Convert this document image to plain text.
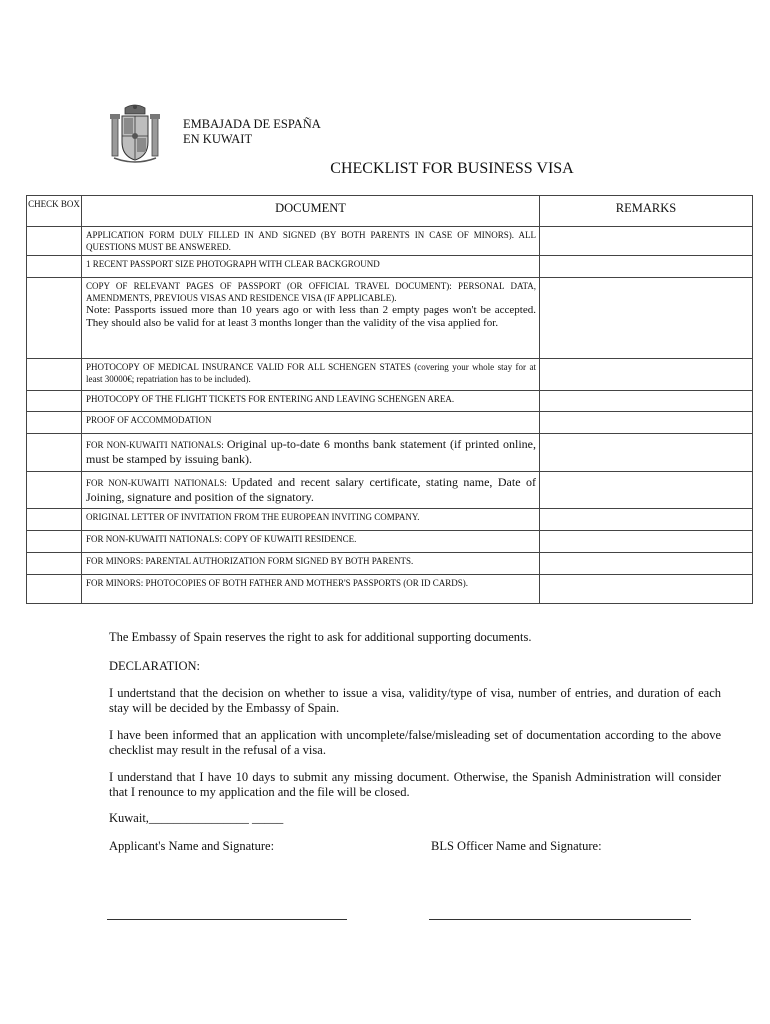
EMBAJADA DE ESPAÑA
EN KUWAIT
CHECKLIST FOR BUSINESS VISA
CHECK BOX	DOCUMENT	REMARKS
	APPLICATION FORM DULY FILLED IN AND SIGNED (BY BOTH PARENTS IN CASE OF MINORS). ALL QUESTIONS MUST BE ANSWERED.	
	1 RECENT PASSPORT SIZE PHOTOGRAPH WITH CLEAR BACKGROUND	
	COPY OF RELEVANT PAGES OF PASSPORT (OR OFFICIAL TRAVEL DOCUMENT): PERSONAL DATA, AMENDMENTS, PREVIOUS VISAS AND RESIDENCE VISA (IF APPLICABLE).
Note: Passports issued more than 10 years ago or with less than 2 empty pages won't be accepted. They should also be valid for at least 3 months longer than the validity of the visa applied for.	

	PHOTOCOPY OF MEDICAL INSURANCE VALID FOR ALL SCHENGEN STATES (covering your whole stay for at least 30000€; repatriation has to be included).	
	PHOTOCOPY OF THE FLIGHT TICKETS FOR ENTERING AND LEAVING SCHENGEN AREA.	
	PROOF OF ACCOMMODATION	
	FOR NON-KUWAITI NATIONALS: Original up-to-date 6 months bank statement (if printed online, must be stamped by issuing bank).	
	FOR NON-KUWAITI NATIONALS: Updated and recent salary certificate, stating name, Date of Joining, signature and position of the signatory.	
	ORIGINAL LETTER OF INVITATION FROM THE EUROPEAN INVITING COMPANY.	
	FOR NON-KUWAITI NATIONALS: COPY OF KUWAITI RESIDENCE.	
	FOR MINORS: PARENTAL AUTHORIZATION FORM SIGNED BY BOTH PARENTS.	
	FOR MINORS: PHOTOCOPIES OF BOTH FATHER AND MOTHER'S PASSPORTS (OR ID CARDS).	
The Embassy of Spain reserves the right to ask for additional supporting documents.
DECLARATION:
I undertstand that the decision on whether to issue a visa, validity/type of visa, number of entries, and duration of each stay will be decided by the Embassy of Spain.
I have been informed that an application with uncomplete/false/misleading set of documentation according to the above checklist may result in the refusal of a visa.
I understand that I have 10 days to submit any missing document. Otherwise, the Spanish Administration will consider that I renounce to my application and the file will be closed.
Kuwait,________________ _____
Applicant's Name and Signature:	BLS Officer Name and Signature:
